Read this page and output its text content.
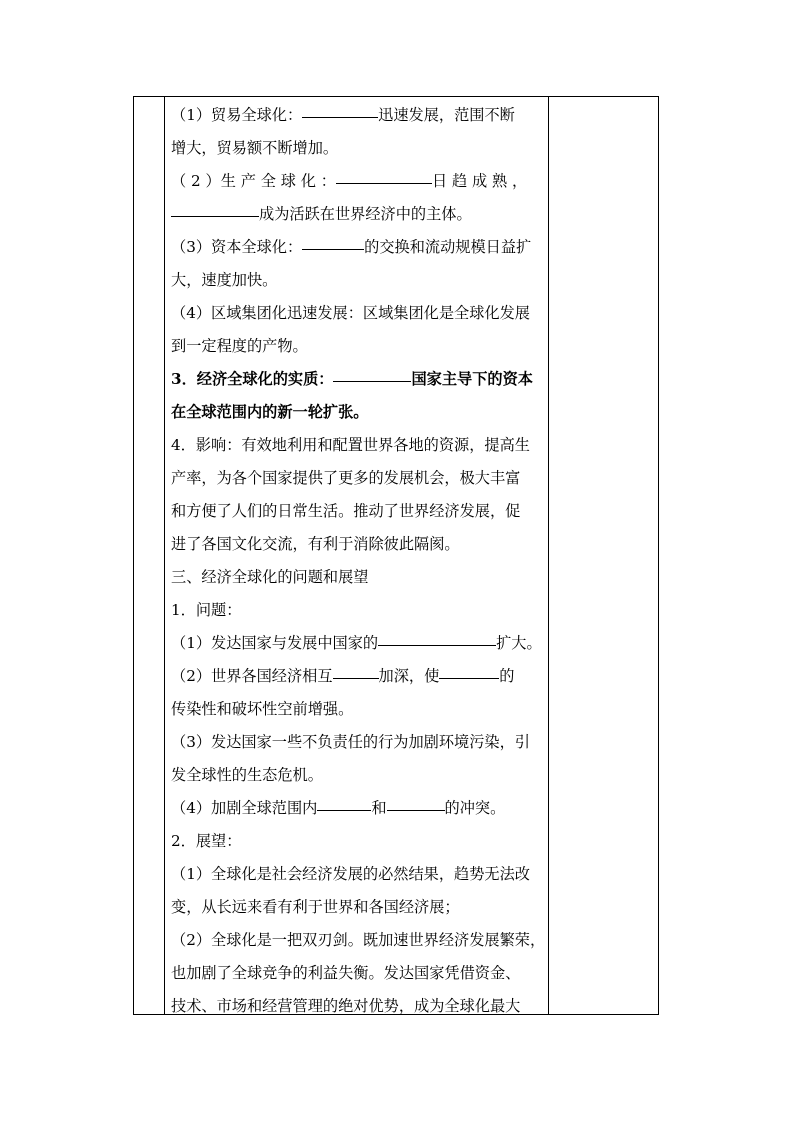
（1）贸易全球化：	迅速发展，范围不断
增大，贸易额不断增加。
（ 2 ）生 产 全 球 化 ：	日 趋 成 熟 ，
成为活跃在世界经济中的主体。
（3）资本全球化：	的交换和流动规模日益扩
大，速度加快。
（4）区域集团化迅速发展：区域集团化是全球化发展
到一定程度的产物。
3．经济全球化的实质：	国家主导下的资本
在全球范围内的新一轮扩张。
4．影响：有效地利用和配置世界各地的资源，提高生
产率，为各个国家提供了更多的发展机会，极大丰富
和方便了人们的日常生活。推动了世界经济发展，促
进了各国文化交流，有利于消除彼此隔阂。
三、经济全球化的问题和展望
1．问题：
（1）发达国家与发展中国家的	扩大。
（2）世界各国经济相互	加深，使	的
传染性和破坏性空前增强。
（3）发达国家一些不负责任的行为加剧环境污染，引
发全球性的生态危机。
（4）加剧全球范围内	和	的冲突。
2．展望：
（1）全球化是社会经济发展的必然结果，趋势无法改
变，从长远来看有利于世界和各国经济展；
（2）全球化是一把双刃剑。既加速世界经济发展繁荣，
也加剧了全球竞争的利益失衡。发达国家凭借资金、
技术、市场和经营管理的绝对优势，成为全球化最大
